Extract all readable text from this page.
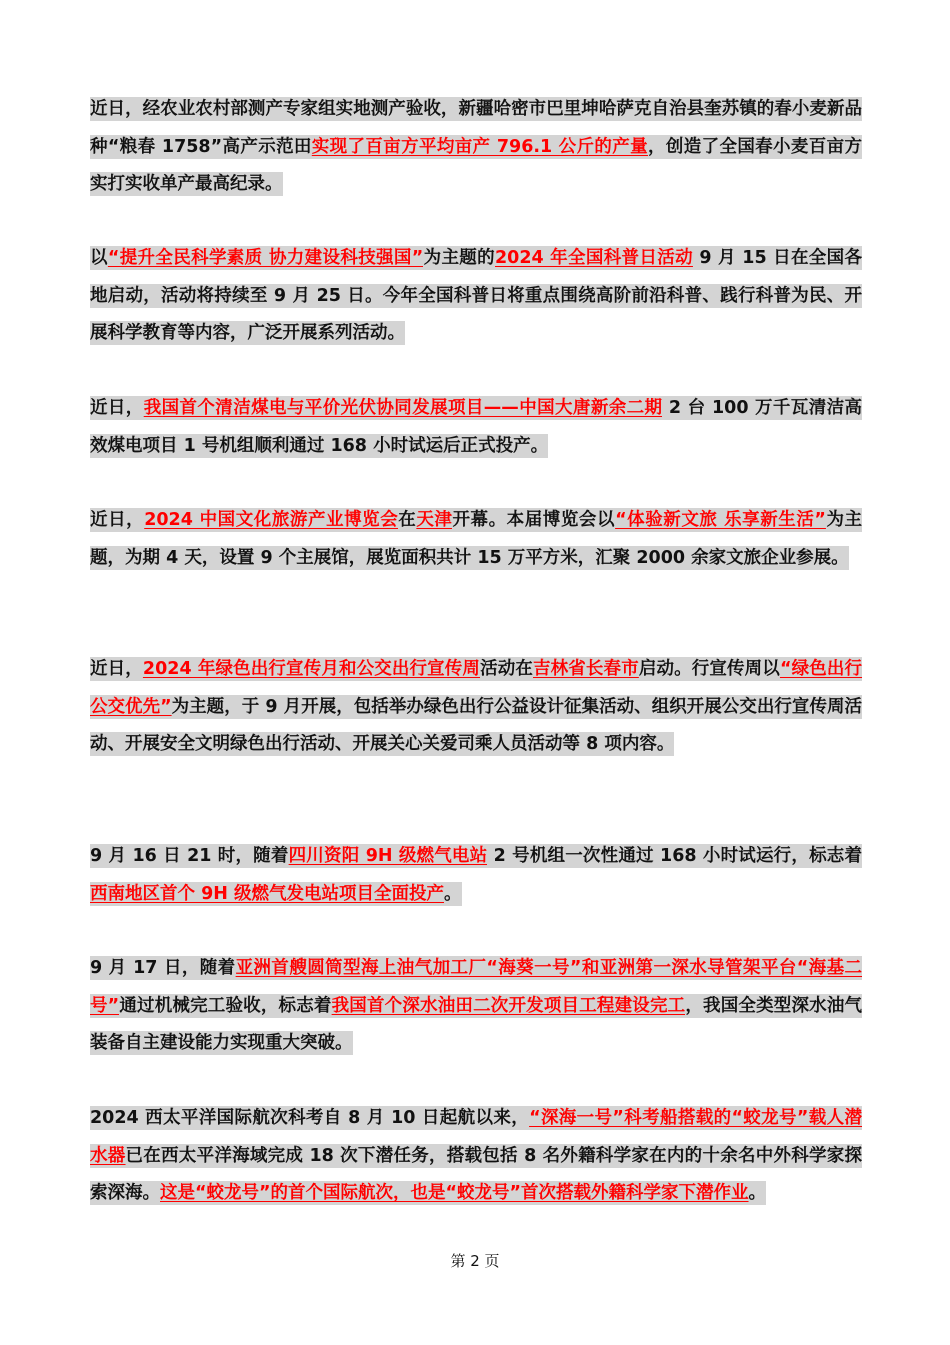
近日，经农业农村部测产专家组实地测产验收，新疆哈密市巴里坤哈萨克自治县奎苏镇的春小麦新品种“粮春 1758”高产示范田实现了百亩方平均亩产 796.1 公斤的产量，创造了全国春小麦百亩方实打实收单产最高纪录。

以“提升全民科学素质 协力建设科技强国”为主题的2024 年全国科普日活动 9 月 15 日在全国各地启动，活动将持续至 9 月 25 日。今年全国科普日将重点围绕高阶前沿科普、践行科普为民、开展科学教育等内容，广泛开展系列活动。

近日，我国首个清洁煤电与平价光伏协同发展项目——中国大唐新余二期 2 台 100 万千瓦清洁高效煤电项目 1 号机组顺利通过 168 小时试运后正式投产。

近日，2024 中国文化旅游产业博览会在天津开幕。本届博览会以“体验新文旅 乐享新生活”为主题，为期 4 天，设置 9 个主展馆，展览面积共计 15 万平方米，汇聚 2000 余家文旅企业参展。

近日，2024 年绿色出行宣传月和公交出行宣传周活动在吉林省长春市启动。行宣传周以“绿色出行 公交优先”为主题，于 9 月开展，包括举办绿色出行公益设计征集活动、组织开展公交出行宣传周活动、开展安全文明绿色出行活动、开展关心关爱司乘人员活动等 8 项内容。

9 月 16 日 21 时，随着四川资阳 9H 级燃气电站 2 号机组一次性通过 168 小时试运行，标志着西南地区首个 9H 级燃气发电站项目全面投产。

9 月 17 日，随着亚洲首艘圆筒型海上油气加工厂“海葵一号”和亚洲第一深水导管架平台“海基二号”通过机械完工验收，标志着我国首个深水油田二次开发项目工程建设完工，我国全类型深水油气装备自主建设能力实现重大突破。

2024 西太平洋国际航次科考自 8 月 10 日起航以来，“深海一号”科考船搭载的“蛟龙号”载人潜水器已在西太平洋海域完成 18 次下潜任务，搭载包括 8 名外籍科学家在内的十余名中外科学家探索深海。这是“蛟龙号”的首个国际航次，也是“蛟龙号”首次搭载外籍科学家下潜作业。

第 2 页
